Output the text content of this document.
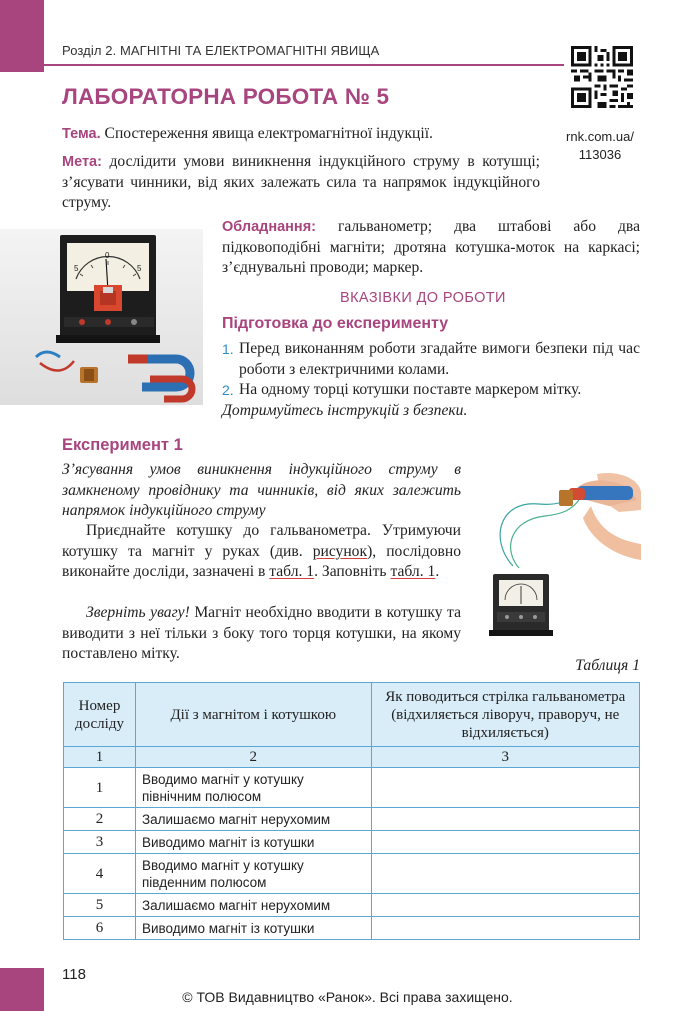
Розділ 2. МАГНІТНІ ТА ЕЛЕКТРОМАГНІТНІ ЯВИЩА
rnk.com.ua/
113036
ЛАБОРАТОРНА РОБОТА № 5

Тема. Спостереження явища електромагнітної індукції.

Мета: дослідити умови виникнення індукційного струму в котушці; з’ясувати чинники, від яких залежать сила та напрямок індукційного струму.

Обладнання: гальванометр; два штабові або два підковоподібні магніти; дротяна котушка-моток на каркасі; з’єднувальні проводи; маркер.

5
0
5
ВКАЗІВКИ ДО РОБОТИ
Підготовка до експерименту
1. Перед виконанням роботи згадайте вимоги безпеки під час роботи з електричними колами.
2. На одному торці котушки поставте маркером мітку.
Дотримуйтесь інструкцій з безпеки.
Експеримент 1

З’ясування умов виникнення індукційного струму в замкненому провіднику та чинників, від яких залежить напрямок індукційного струму

Приєднайте котушку до гальванометра. Утримуючи котушку та магніт у руках (див. рисунок), послідовно виконайте досліди, зазначені в табл. 1. Заповніть табл. 1.

Зверніть увагу! Магніт необхідно вводити в котушку та виводити з неї тільки з боку того торця котушки, на якому поставлено мітку.

Таблиця 1
Номер досліду	Дії з магнітом і котушкою	Як поводиться стрілка гальванометра (відхиляється ліворуч, праворуч, не відхиляється)
1	2	3
1	Вводимо магніт у котушку північним полюсом	
2	Залишаємо магніт нерухомим	
3	Виводимо магніт із котушки	
4	Вводимо магніт у котушку південним полюсом	
5	Залишаємо магніт нерухомим	
6	Виводимо магніт із котушки	
118
© ТОВ Видавництво «Ранок». Всі права захищено.
